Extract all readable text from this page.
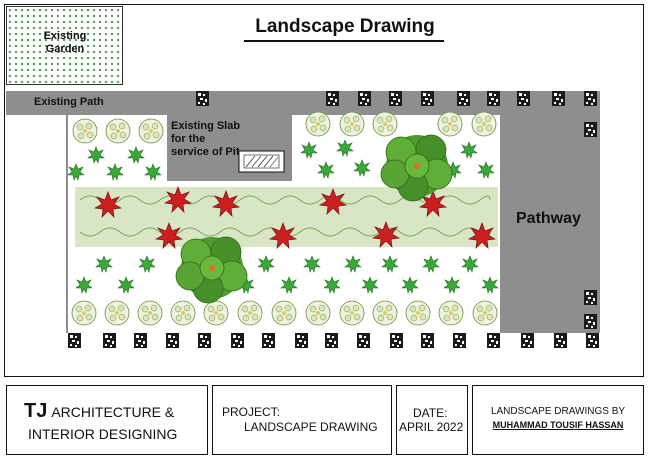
Existing Garden
Landscape Drawing
Existing Path
Existing Slab for the service of Pit
Pathway
TJ ARCHITECTURE &
INTERIOR DESIGNING
PROJECT:
LANDSCAPE DRAWING
DATE:
APRIL 2022
LANDSCAPE DRAWINGS BY
MUHAMMAD TOUSIF HASSAN
